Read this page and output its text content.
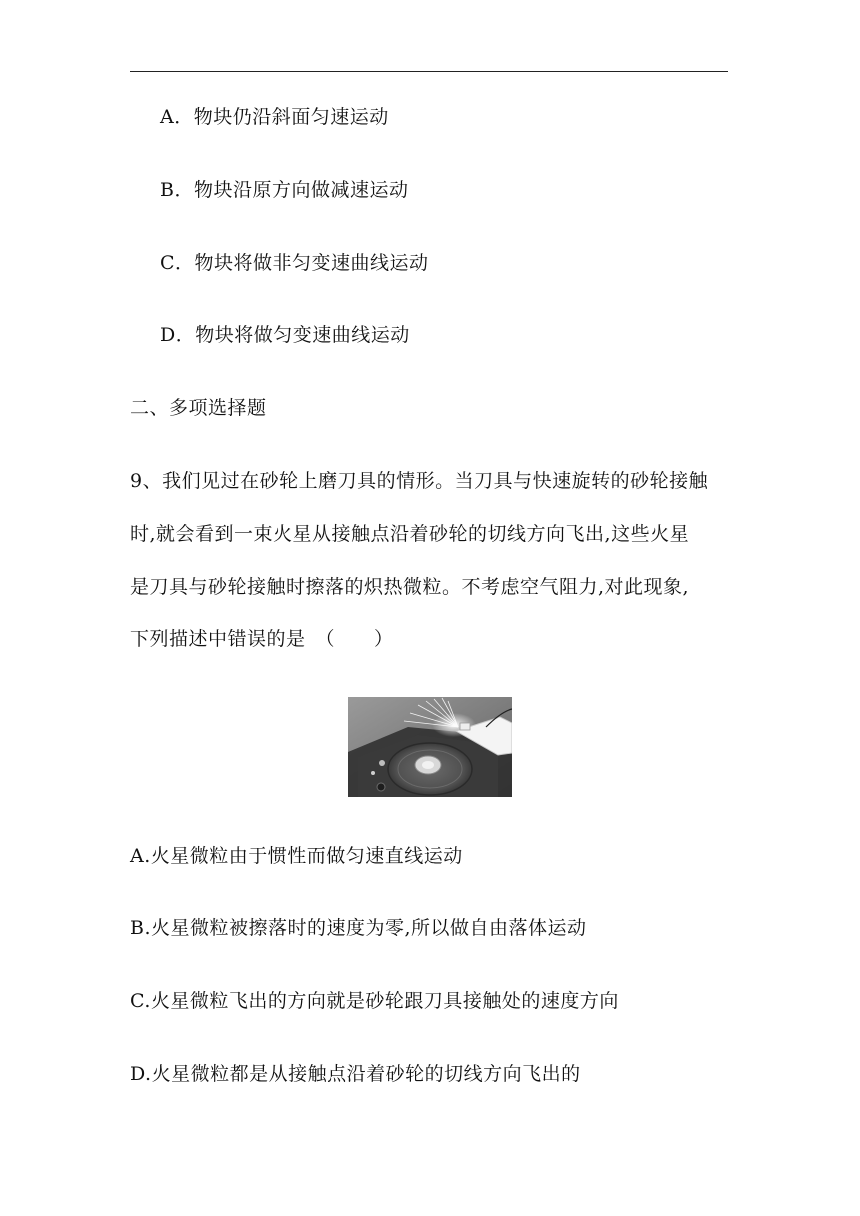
A．物块仍沿斜面匀速运动
B．物块沿原方向做减速运动
C．物块将做非匀变速曲线运动
D．物块将做匀变速曲线运动
二、多项选择题
9、我们见过在砂轮上磨刀具的情形。当刀具与快速旋转的砂轮接触
时,就会看到一束火星从接触点沿着砂轮的切线方向飞出,这些火星
是刀具与砂轮接触时擦落的炽热微粒。不考虑空气阻力,对此现象,
下列描述中错误的是　（　　）
A.火星微粒由于惯性而做匀速直线运动
B.火星微粒被擦落时的速度为零,所以做自由落体运动
C.火星微粒飞出的方向就是砂轮跟刀具接触处的速度方向
D.火星微粒都是从接触点沿着砂轮的切线方向飞出的
